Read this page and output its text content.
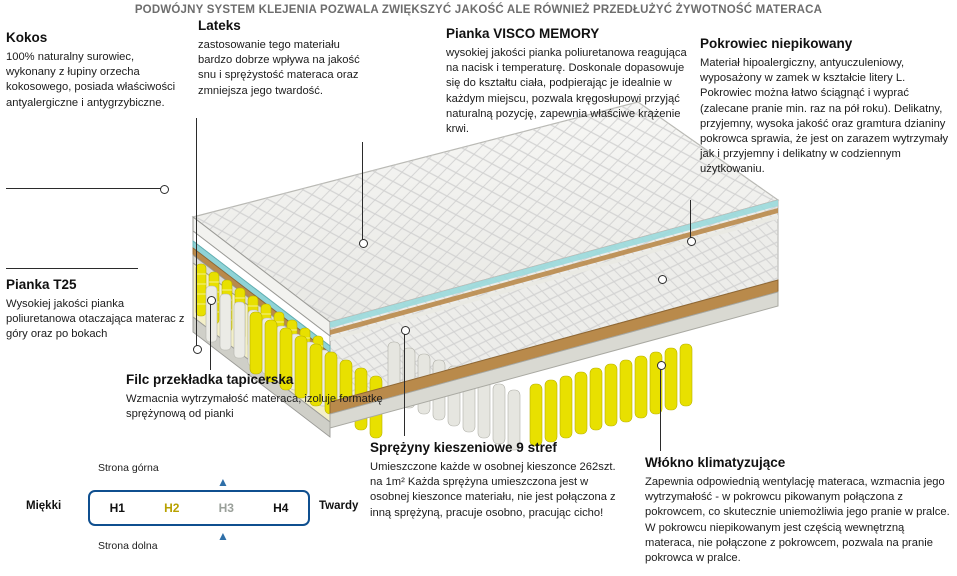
PODWÓJNY SYSTEM KLEJENIA POZWALA ZWIĘKSZYĆ JAKOŚĆ ALE RÓWNIEŻ PRZEDŁUŻYĆ ŻYWOTNOŚĆ MATERACA
Kokos
100% naturalny surowiec, wykonany z łupiny orzecha kokosowego, posiada właściwości antyalergiczne i antygrzybiczne.
Lateks
zastosowanie tego materiału bardzo dobrze wpływa na jakość snu i sprężystość materaca oraz zmniejsza jego twardość.
Pianka VISCO MEMORY
wysokiej jakości pianka poliuretanowa reagująca na nacisk i temperaturę. Doskonale dopasowuje się do kształtu ciała, podpierając je idealnie w każdym miejscu, pozwala kręgosłupowi przyjąć naturalną pozycję, zapewnia właściwe krążenie krwi.
Pokrowiec niepikowany
Materiał hipoalergiczny, antyuczuleniowy, wyposażony w zamek w kształcie litery L. Pokrowiec można łatwo ściągnąć i wyprać (zalecane pranie min. raz na pół roku). Delikatny, przyjemny, wysoka jakość oraz gramtura dzianiny pokrowca sprawia, że jest on zarazem wytrzymały jak i przyjemny i delikatny w codziennym użytkowaniu.
Pianka T25
Wysokiej jakości pianka poliuretanowa otaczająca materac z góry oraz po bokach
Filc przekładka tapicerska
Wzmacnia wytrzymałość materaca, izoluje formatkę sprężynową od pianki
Sprężyny kieszeniowe 9 stref
Umieszczone każde w osobnej kieszonce 262szt. na 1m² Każda sprężyna umieszczona jest w osobnej kieszonce materiału, nie jest połączona z inną sprężyną, pracuje osobno, pracując cicho!
Włókno klimatyzujące
Zapewnia odpowiednią wentylację materaca, wzmacnia jego wytrzymałość - w pokrowcu pikowanym połączona z pokrowcem, co skutecznie uniemożliwia jego pranie w pralce. W pokrowcu niepikowanym jest częścią wewnętrzną materaca, nie połączone z pokrowcem, pozwala na pranie pokrowca w pralce.
Strona górna
▲
Miękki	H1	H2	H3	H4	Twardy
▲
Strona dolna
